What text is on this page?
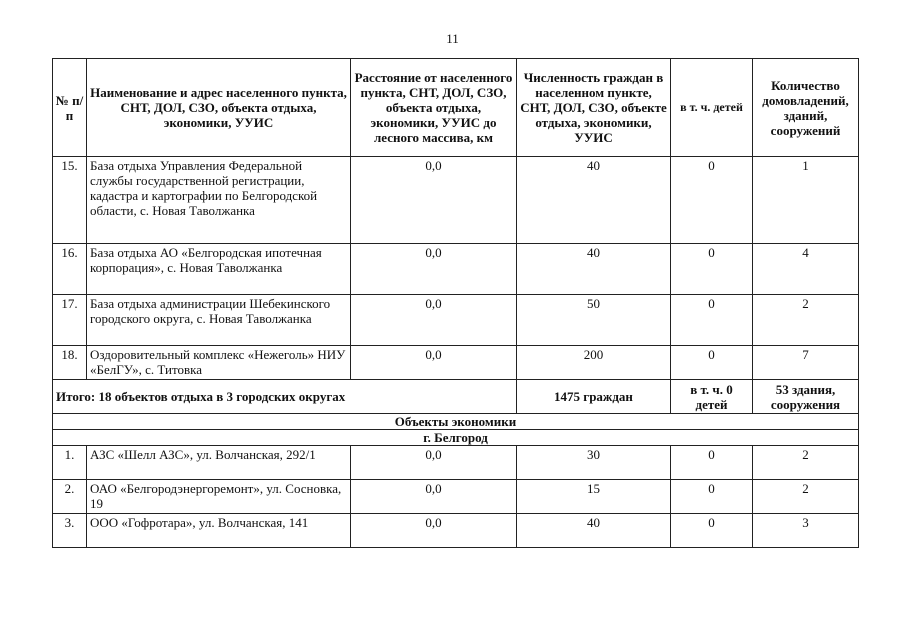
11
№ п/п	Наименование и адрес населенного пункта, СНТ, ДОЛ, СЗО, объекта отдыха, экономики, УУИС	Расстояние от населенного пункта, СНТ, ДОЛ, СЗО, объекта отдыха, экономики, УУИС до лесного массива, км	Численность граждан в населенном пункте, СНТ, ДОЛ, СЗО, объекте отдыха, экономики, УУИС	в т. ч. детей	Количество домовладений, зданий, сооружений
15.	База отдыха Управления Федеральной службы государственной регистрации, кадастра и картографии по Белгородской области, с. Новая Таволжанка	0,0	40	0	1
16.	База отдыха АО «Белгородская ипотечная корпорация», с. Новая Таволжанка	0,0	40	0	4
17.	База отдыха администрации Шебекинского городского округа, с. Новая Таволжанка	0,0	50	0	2
18.	Оздоровительный комплекс «Нежеголь» НИУ «БелГУ», с. Титовка	0,0	200	0	7
Итого: 18 объектов отдыха в 3 городских округах			1475 граждан	в т. ч. 0 детей	53 здания, сооружения
Объекты экономики					
г. Белгород					
1.	АЗС «Шелл АЗС», ул. Волчанская, 292/1	0,0	30	0	2
2.	ОАО «Белгородэнергоремонт», ул. Сосновка, 19	0,0	15	0	2
3.	ООО «Гофротара», ул. Волчанская, 141	0,0	40	0	3
